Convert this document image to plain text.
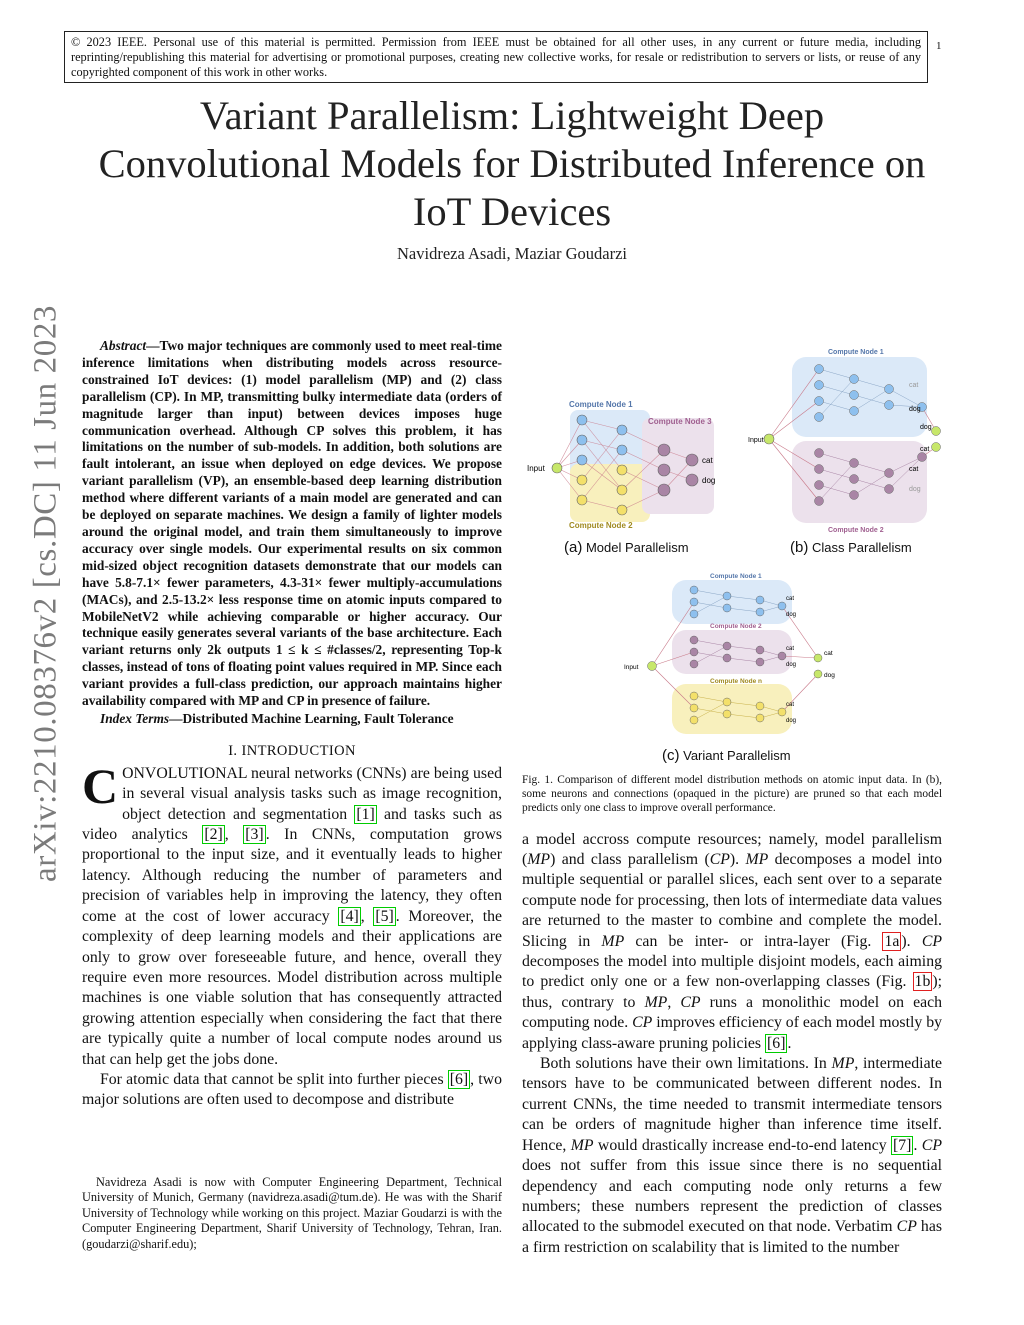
© 2023 IEEE. Personal use of this material is permitted. Permission from IEEE must be obtained for all other uses, in any current or future media, including reprinting/republishing this material for advertising or promotional purposes, creating new collective works, for resale or redistribution to servers or lists, or reuse of any copyrighted component of this work in other works.
1
arXiv:2210.08376v2 [cs.DC] 11 Jun 2023
Variant Parallelism: Lightweight Deep Convolutional Models for Distributed Inference on IoT Devices
Navidreza Asadi, Maziar Goudarzi

Abstract—Two major techniques are commonly used to meet real-time inference limitations when distributing models across resource-constrained IoT devices: (1) model parallelism (MP) and (2) class parallelism (CP). In MP, transmitting bulky intermediate data (orders of magnitude larger than input) between devices imposes huge communication overhead. Although CP solves this problem, it has limitations on the number of sub-models. In addition, both solutions are fault intolerant, an issue when deployed on edge devices. We propose variant parallelism (VP), an ensemble-based deep learning distribution method where different variants of a main model are generated and can be deployed on separate machines. We design a family of lighter models around the original model, and train them simultaneously to improve accuracy over single models. Our experimental results on six common mid-sized object recognition datasets demonstrate that our models can have 5.8-7.1× fewer parameters, 4.3-31× fewer multiply-accumulations (MACs), and 2.5-13.2× less response time on atomic inputs compared to MobileNetV2 while achieving comparable or higher accuracy. Our technique easily generates several variants of the base architecture. Each variant returns only 2k outputs 1 ≤ k ≤ #classes/2, representing Top-k classes, instead of tons of floating point values required in MP. Since each variant provides a full-class prediction, our approach maintains higher availability compared with MP and CP in presence of failure.

Index Terms—Distributed Machine Learning, Fault Tolerance

I. INTRODUCTION

CONVOLUTIONAL neural networks (CNNs) are being used in several visual analysis tasks such as image recognition, object detection and segmentation [1] and tasks such as video analytics [2] , [3] . In CNNs, computation grows proportional to the input size, and it eventually leads to higher latency. Although reducing the number of parameters and precision of variables help in improving the latency, they often come at the cost of lower accuracy [4] , [5] . Moreover, the complexity of deep learning models and their applications are only to grow over foreseeable future, and hence, overall they require even more resources. Model distribution across multiple machines is one viable solution that has consequently attracted growing attention especially when considering the fact that there are typically quite a number of local compute nodes around us that can help get the jobs done.

For atomic data that cannot be split into further pieces [6] , two major solutions are often used to decompose and distribute

Navidreza Asadi is now with Computer Engineering Department, Technical University of Munich, Germany (navidreza.asadi@tum.de). He was with the Sharif University of Technology while working on this project. Maziar Goudarzi is with the Computer Engineering Department, Sharif University of Technology, Tehran, Iran. (goudarzi@sharif.edu);
Compute Node 1
Compute Node 2
Compute Node 3
Input
cat
dog
(a) Model Parallelism
Compute Node 1
Compute Node 2
Input
cat
dog
cat
dog
dog
cat
(b) Class Parallelism
Compute Node 1
Compute Node 2
Compute Node n
Input
cat
dog
cat
dog
cat
dog
cat
dog
(c) Variant Parallelism

Fig. 1. Comparison of different model distribution methods on atomic input data. In (b), some neurons and connections (opaqued in the picture) are pruned so that each model predicts only one class to improve overall performance.

a model accross compute resources; namely, model parallelism (MP) and class parallelism (CP). MP decomposes a model into multiple sequential or parallel slices, each sent over to a separate compute node for processing, then lots of intermediate data values are returned to the master to combine and complete the model. Slicing in MP can be inter- or intra-layer (Fig. 1a ). CP decomposes the model into multiple disjoint models, each aiming to predict only one or a few non-overlapping classes (Fig. 1b ); thus, contrary to MP, CP runs a monolithic model on each computing node. CP improves efficiency of each model mostly by applying class-aware pruning policies [6] .

Both solutions have their own limitations. In MP, intermediate tensors have to be communicated between different nodes. In current CNNs, the time needed to transmit intermediate tensors can be orders of magnitude higher than inference time itself. Hence, MP would drastically increase end-to-end latency [7] . CP does not suffer from this issue since there is no sequential dependency and each computing node only returns a few numbers; these numbers represent the prediction of classes allocated to the submodel executed on that node. Verbatim CP has a firm restriction on scalability that is limited to the number
